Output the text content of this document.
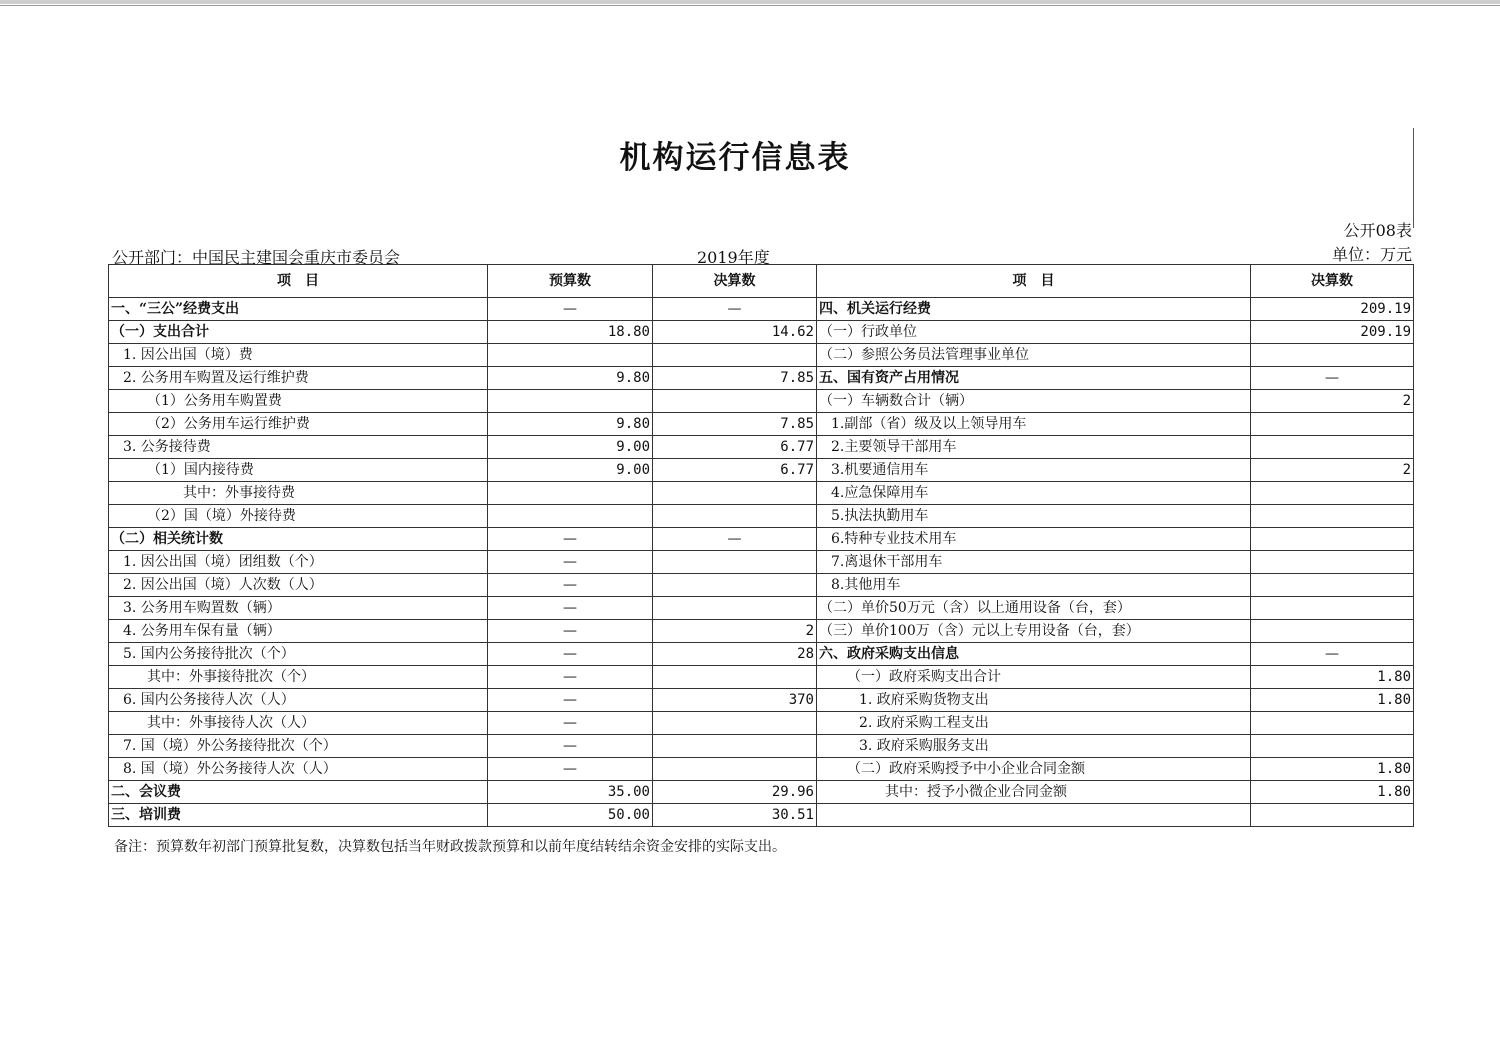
机构运行信息表
公开08表
单位：万元
公开部门：中国民主建国会重庆市委员会	2019年度
项　目	预算数	决算数	项　目	决算数
一、“三公”经费支出	—	—	四、机关运行经费	209.19
（一）支出合计	18.80	14.62	（一）行政单位	209.19
1. 因公出国（境）费			（二）参照公务员法管理事业单位	
2. 公务用车购置及运行维护费	9.80	7.85	五、国有资产占用情况	—
（1）公务用车购置费			（一）车辆数合计（辆）	2
（2）公务用车运行维护费	9.80	7.85	1.副部（省）级及以上领导用车	
3. 公务接待费	9.00	6.77	2.主要领导干部用车	
（1）国内接待费	9.00	6.77	3.机要通信用车	2
其中：外事接待费			4.应急保障用车	
（2）国（境）外接待费			5.执法执勤用车	
（二）相关统计数	—	—	6.特种专业技术用车	
1. 因公出国（境）团组数（个）	—		7.离退休干部用车	
2. 因公出国（境）人次数（人）	—		8.其他用车	
3. 公务用车购置数（辆）	—		（二）单价50万元（含）以上通用设备（台，套）	
4. 公务用车保有量（辆）	—	2	（三）单价100万（含）元以上专用设备（台，套）	
5. 国内公务接待批次（个）	—	28	六、政府采购支出信息	—
其中：外事接待批次（个）	—		（一）政府采购支出合计	1.80
6. 国内公务接待人次（人）	—	370	1. 政府采购货物支出	1.80
其中：外事接待人次（人）	—		2. 政府采购工程支出	
7. 国（境）外公务接待批次（个）	—		3. 政府采购服务支出	
8. 国（境）外公务接待人次（人）	—		（二）政府采购授予中小企业合同金额	1.80
二、会议费	35.00	29.96	其中：授予小微企业合同金额	1.80
三、培训费	50.00	30.51		
备注：预算数年初部门预算批复数，决算数包括当年财政拨款预算和以前年度结转结余资金安排的实际支出。
